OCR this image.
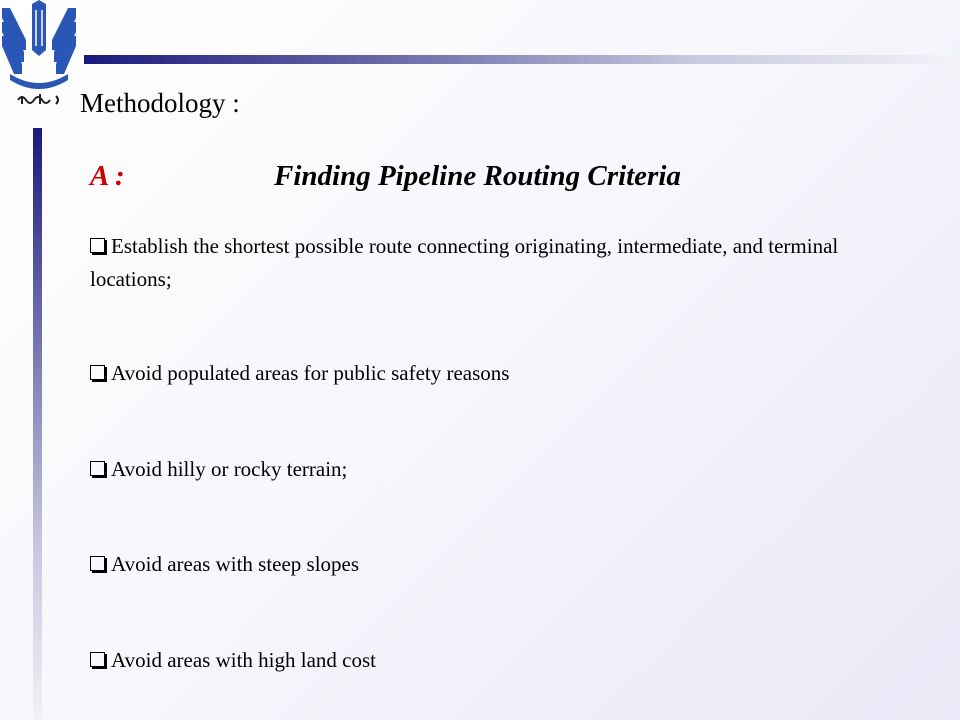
Methodology :
A :	Finding Pipeline Routing Criteria
Establish the shortest possible route connecting originating, intermediate, and terminal locations;
Avoid populated areas for public safety reasons
Avoid hilly or rocky terrain;
Avoid areas with steep slopes
Avoid areas with high land cost
